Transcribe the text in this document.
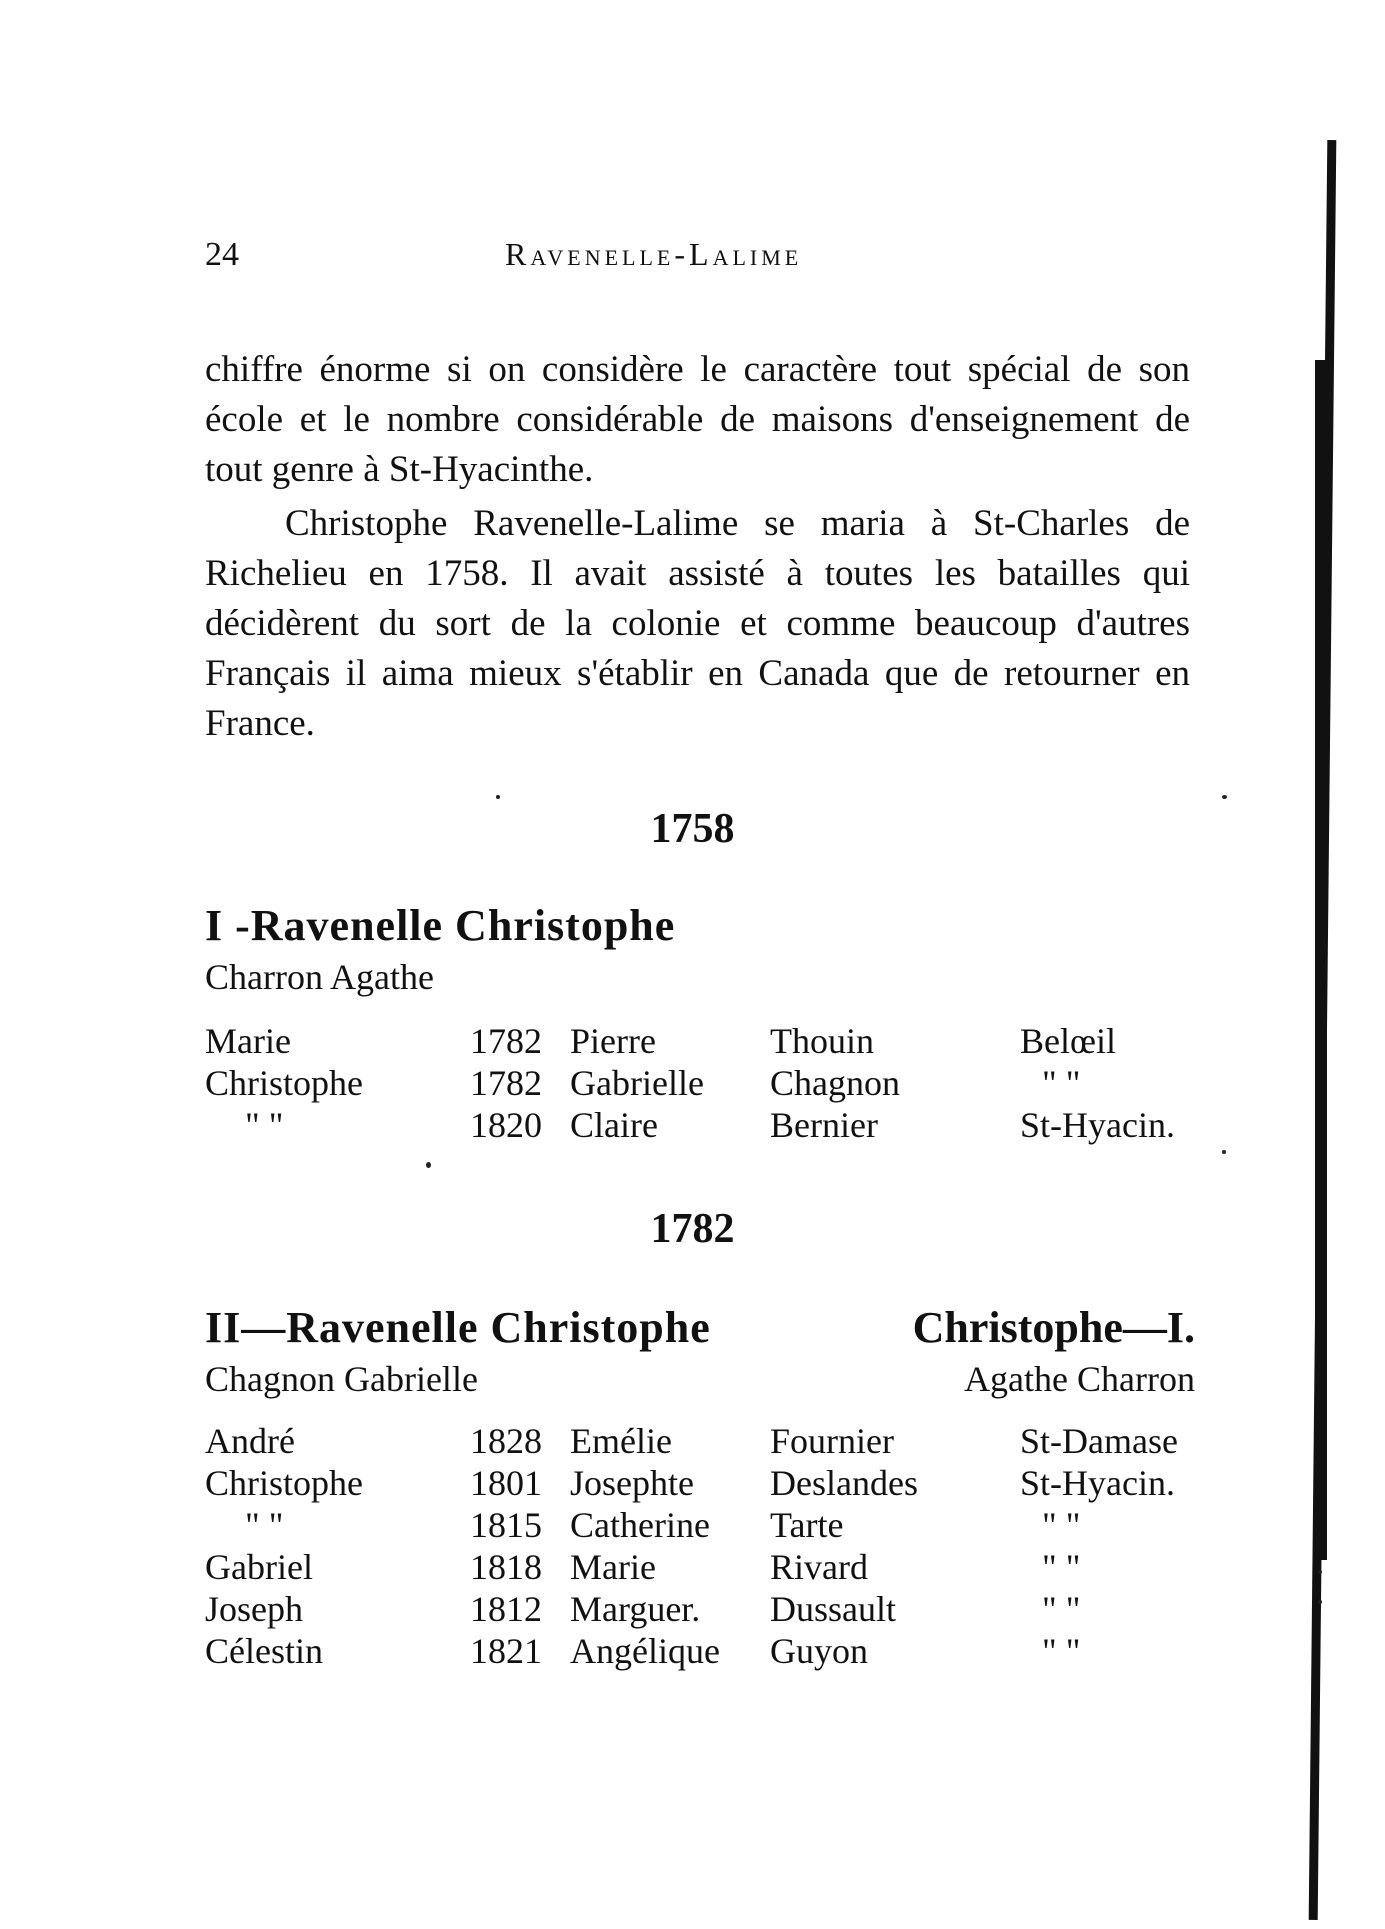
24	Ravenelle-Lalime

chiffre énorme si on considère le caractère tout spécial de son école et le nombre considérable de maisons d'enseignement de tout genre à St-Hyacinthe.

Christophe Ravenelle-Lalime se maria à St-Charles de Richelieu en 1758. Il avait assisté à toutes les batailles qui décidèrent du sort de la colonie et comme beaucoup d'autres Français il aima mieux s'établir en Canada que de retourner en France.

1758
I -Ravenelle Christophe
Charron Agathe
Marie	1782	Pierre	Thouin	Belœil
Christophe	1782	Gabrielle	Chagnon	" "
" "	1820	Claire	Bernier	St-Hyacin.
1782
II—Ravenelle Christophe	Christophe—I.
Chagnon Gabrielle	Agathe Charron
André	1828	Emélie	Fournier	St-Damase
Christophe	1801	Josephte	Deslandes	St-Hyacin.
" "	1815	Catherine	Tarte	" "
Gabriel	1818	Marie	Rivard	" "
Joseph	1812	Marguer.	Dussault	" "
Célestin	1821	Angélique	Guyon	" "
